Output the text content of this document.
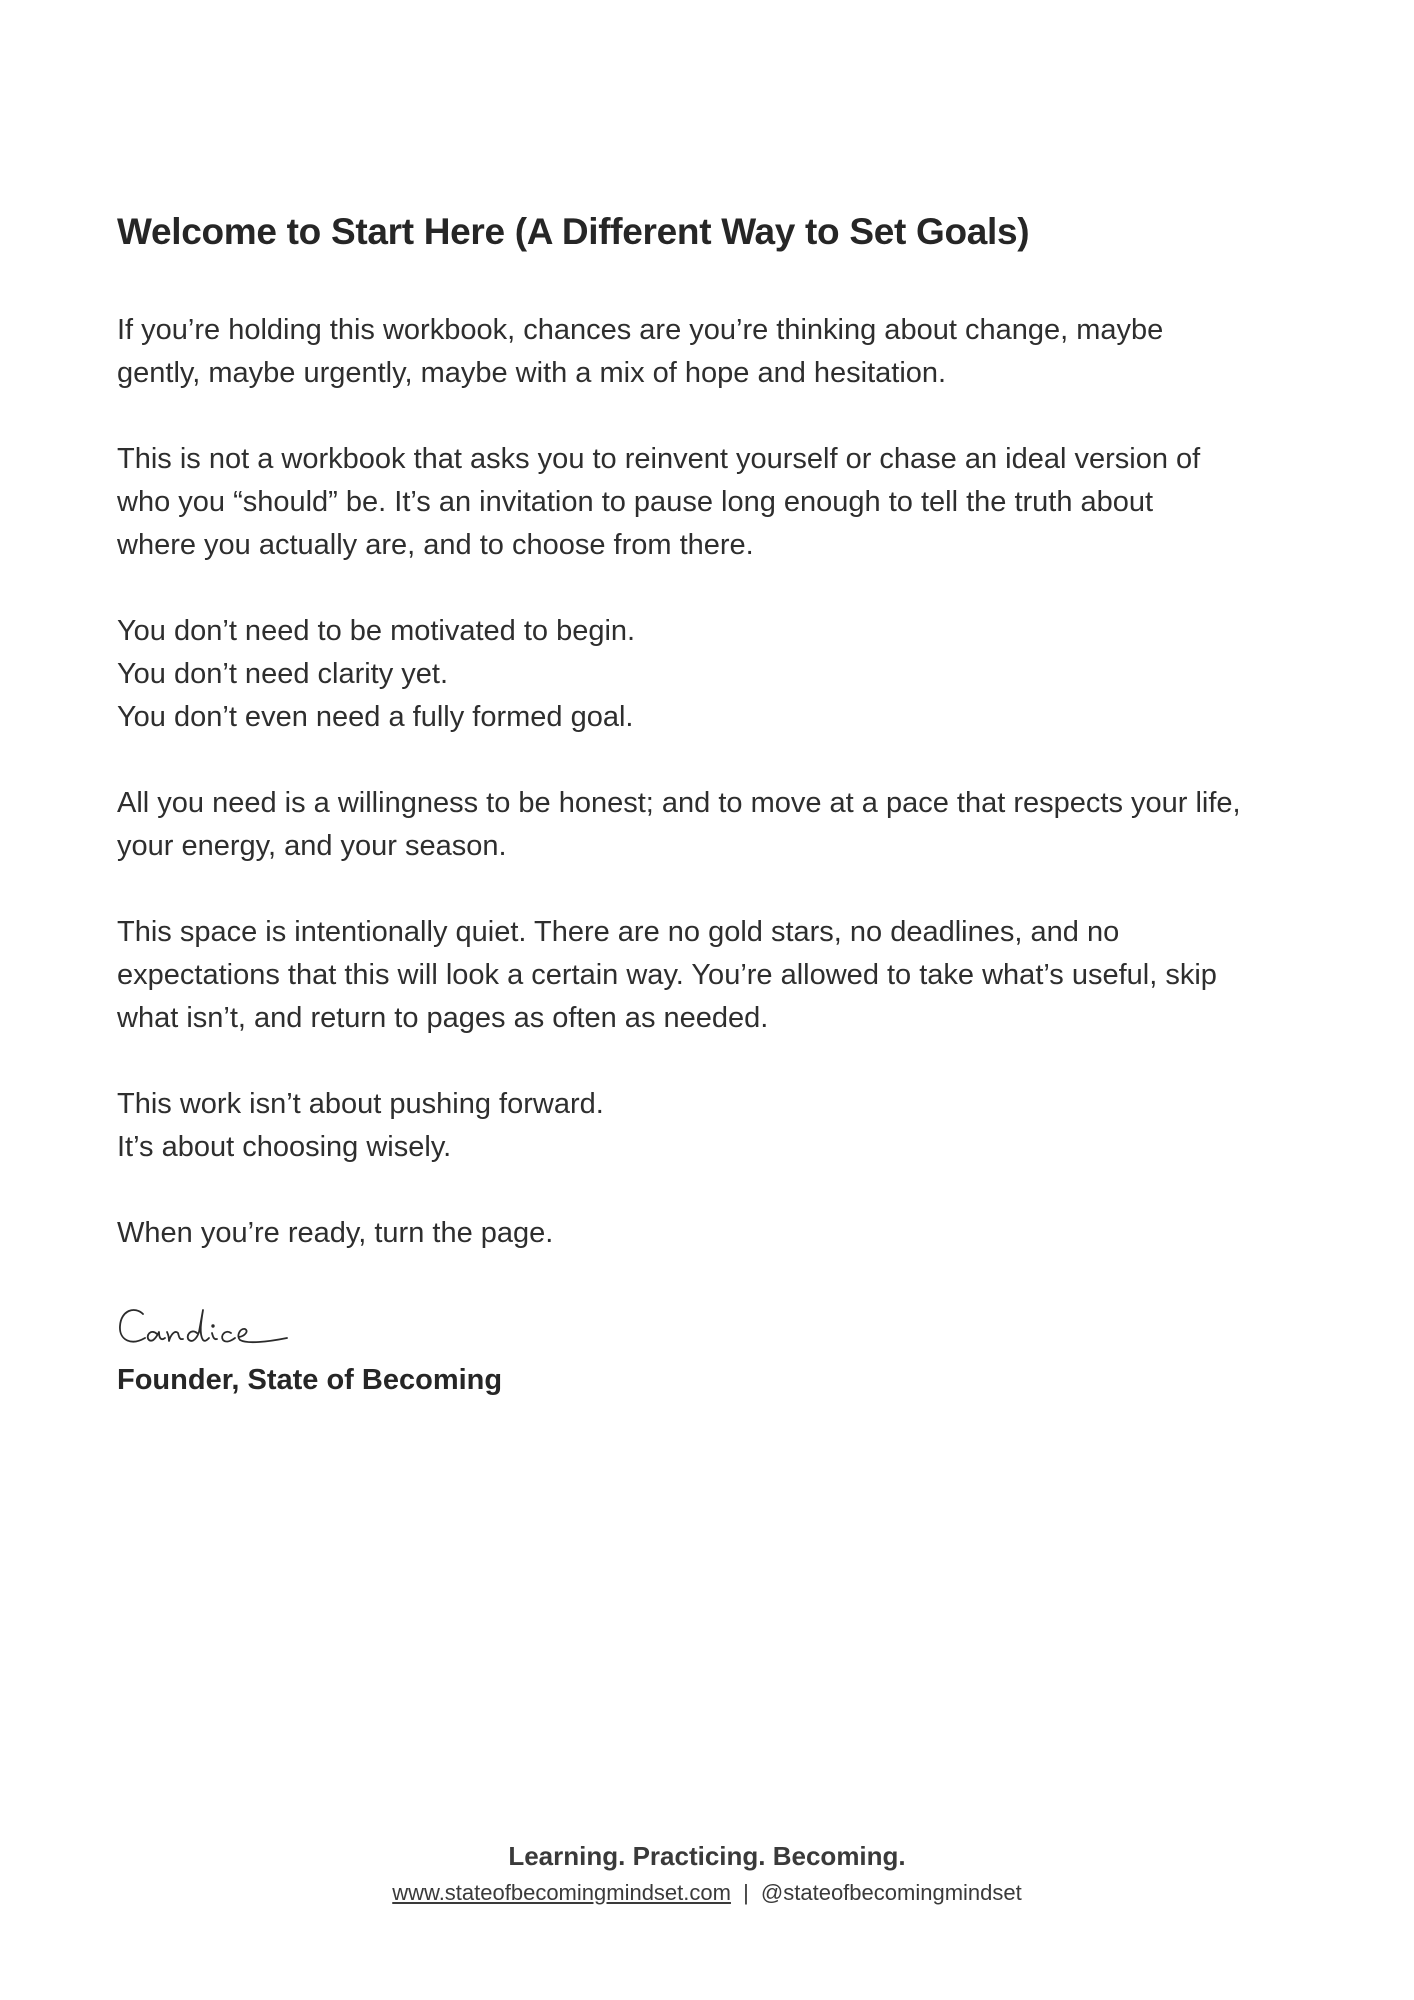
Welcome to Start Here (A Different Way to Set Goals)

If you’re holding this workbook, chances are you’re thinking about change, maybe
gently, maybe urgently, maybe with a mix of hope and hesitation.

This is not a workbook that asks you to reinvent yourself or chase an ideal version of
who you “should” be. It’s an invitation to pause long enough to tell the truth about
where you actually are, and to choose from there.

You don’t need to be motivated to begin.
You don’t need clarity yet.
You don’t even need a fully formed goal.

All you need is a willingness to be honest; and to move at a pace that respects your life,
your energy, and your season.

This space is intentionally quiet. There are no gold stars, no deadlines, and no
expectations that this will look a certain way. You’re allowed to take what’s useful, skip
what isn’t, and return to pages as often as needed.

This work isn’t about pushing forward.
It’s about choosing wisely.

When you’re ready, turn the page.

Founder, State of Becoming
Learning. Practicing. Becoming.
www.stateofbecomingmindset.com | @stateofbecomingmindset
